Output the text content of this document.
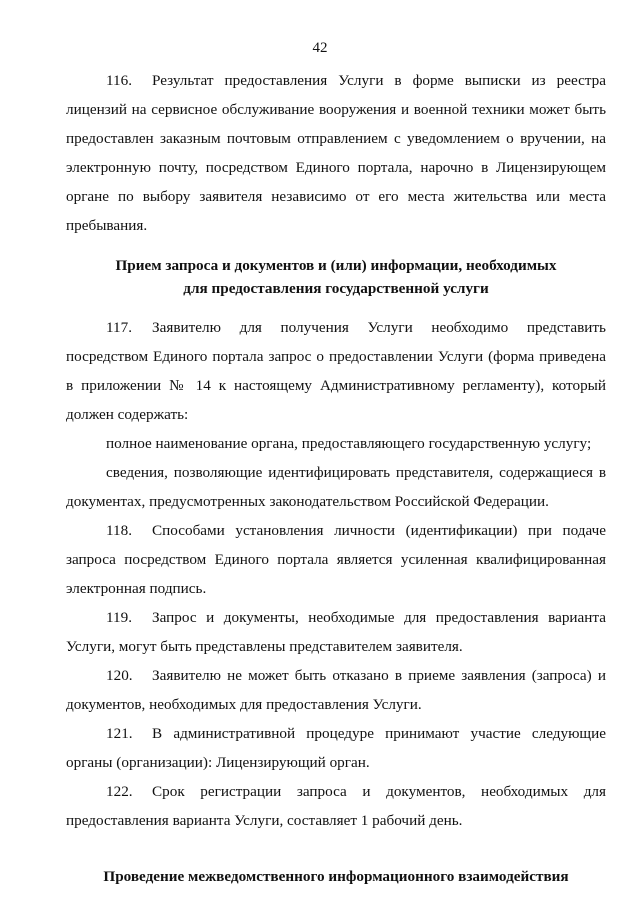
42

116. Результат предоставления Услуги в форме выписки из реестра лицензий на сервисное обслуживание вооружения и военной техники может быть предоставлен заказным почтовым отправлением с уведомлением о вручении, на электронную почту, посредством Единого портала, нарочно в Лицензирующем органе по выбору заявителя независимо от его места жительства или места пребывания.

Прием запроса и документов и (или) информации, необходимых
для предоставления государственной услуги

117. Заявителю для получения Услуги необходимо представить посредством Единого портала запрос о предоставлении Услуги (форма приведена в приложении № 14 к настоящему Административному регламенту), который должен содержать:

полное наименование органа, предоставляющего государственную услугу;

сведения, позволяющие идентифицировать представителя, содержащиеся в документах, предусмотренных законодательством Российской Федерации.

118. Способами установления личности (идентификации) при подаче запроса посредством Единого портала является усиленная квалифицированная электронная подпись.

119. Запрос и документы, необходимые для предоставления варианта Услуги, могут быть представлены представителем заявителя.

120. Заявителю не может быть отказано в приеме заявления (запроса) и документов, необходимых для предоставления Услуги.

121. В административной процедуре принимают участие следующие органы (организации): Лицензирующий орган.

122. Срок регистрации запроса и документов, необходимых для предоставления варианта Услуги, составляет 1 рабочий день.

Проведение межведомственного информационного взаимодействия
